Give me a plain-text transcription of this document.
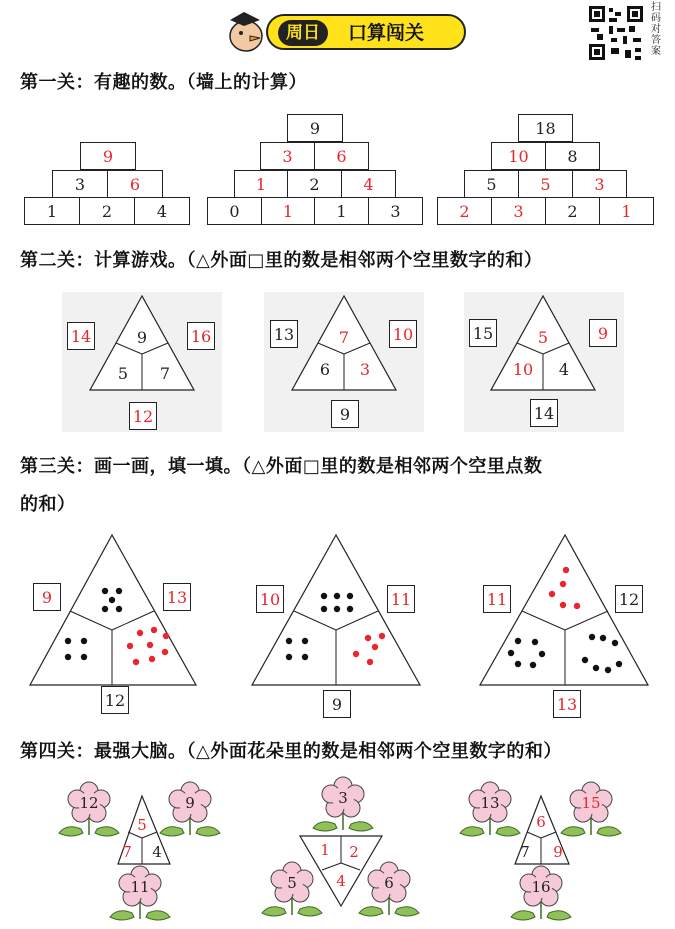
周日	口算闯关
扫码对答案
第一关：有趣的数。（墙上的计算）
9
3	6
1	2	4
9
3	6
1	2	4
0	1	1	3
18
10	8
5	5	3
2	3	2	1
第二关：计算游戏。（△外面□里的数是相邻两个空里数字的和）
9
5	7
14	16
12
7
6	3
13	10
9
5
10	4
15	9
14
第三关：画一画，填一填。（△外面□里的数是相邻两个空里点数
的和）
9	13
12
10	11
9
11	12
13
第四关：最强大脑。（△外面花朵里的数是相邻两个空里数字的和）
5
7	4
12	9
11
1	2
4
3
5	6
6
7	9
13	15
16
